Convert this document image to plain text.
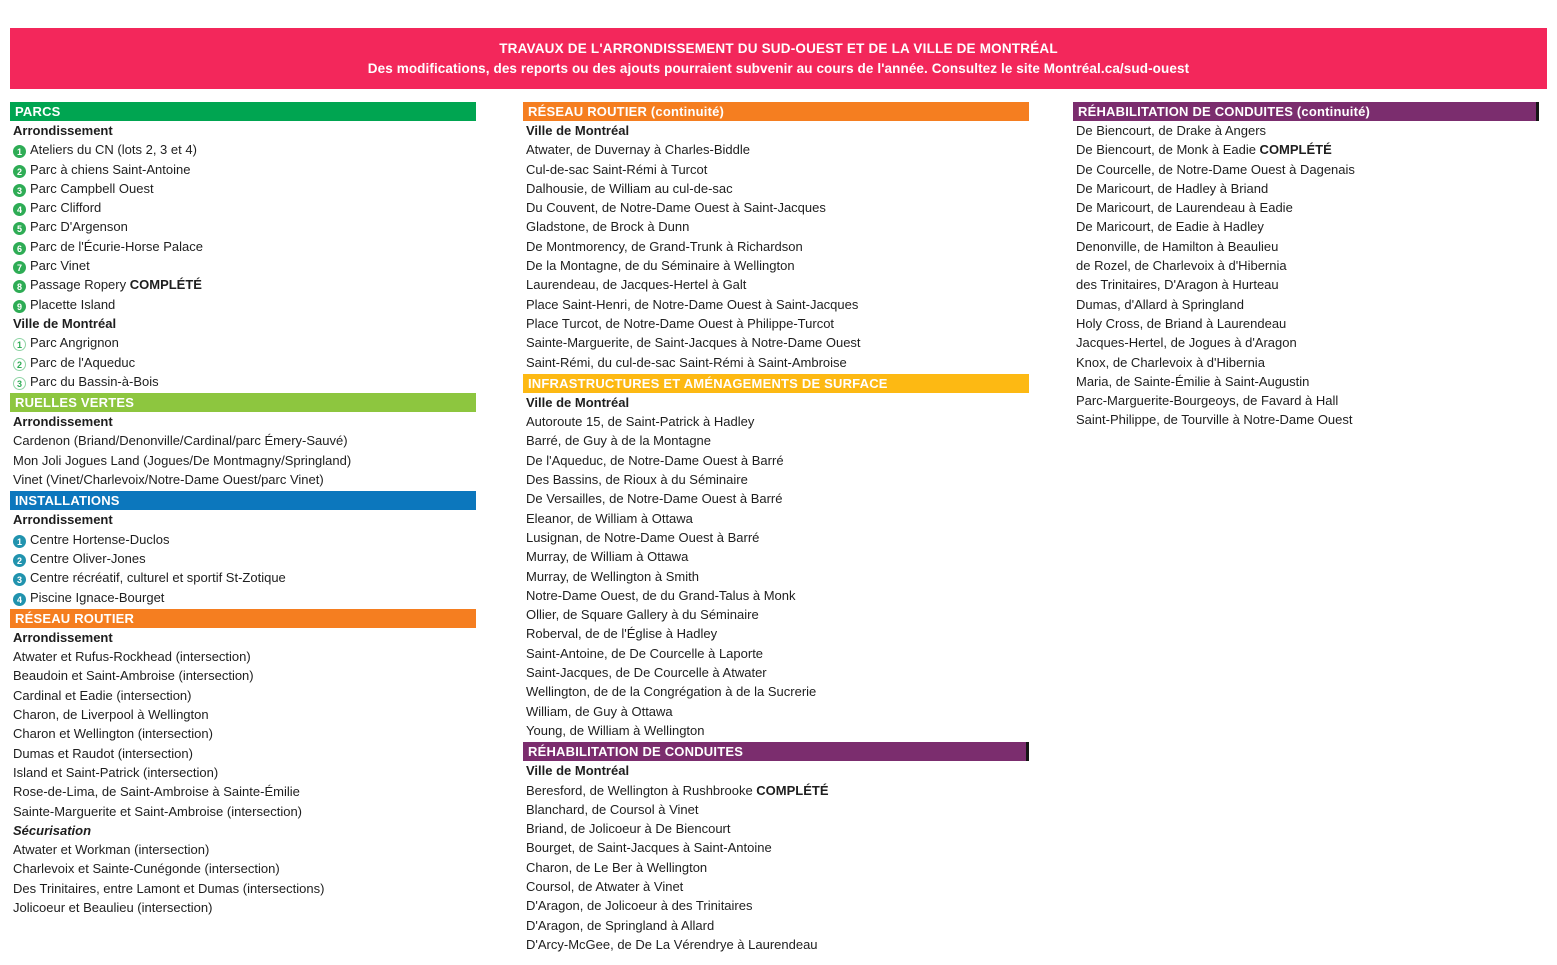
TRAVAUX DE L'ARRONDISSEMENT DU SUD-OUEST ET DE LA VILLE DE MONTRÉAL
Des modifications, des reports ou des ajouts pourraient subvenir au cours de l'année. Consultez le site Montréal.ca/sud-ouest
PARCS
Arrondissement
1 Ateliers du CN (lots 2, 3 et 4)
2 Parc à chiens Saint-Antoine
3 Parc Campbell Ouest
4 Parc Clifford
5 Parc D'Argenson
6 Parc de l'Écurie-Horse Palace
7 Parc Vinet
8 Passage Ropery COMPLÉTÉ
9 Placette Island
Ville de Montréal
1 Parc Angrignon
2 Parc de l'Aqueduc
3 Parc du Bassin-à-Bois
RUELLES VERTES
Arrondissement
Cardenon (Briand/Denonville/Cardinal/parc Émery-Sauvé)
Mon Joli Jogues Land (Jogues/De Montmagny/Springland)
Vinet (Vinet/Charlevoix/Notre-Dame Ouest/parc Vinet)
INSTALLATIONS
Arrondissement
1 Centre Hortense-Duclos
2 Centre Oliver-Jones
3 Centre récréatif, culturel et sportif St-Zotique
4 Piscine Ignace-Bourget
RÉSEAU ROUTIER
Arrondissement
Atwater et Rufus-Rockhead (intersection)
Beaudoin et Saint-Ambroise (intersection)
Cardinal et Eadie (intersection)
Charon, de Liverpool à Wellington
Charon et Wellington (intersection)
Dumas et Raudot (intersection)
Island et Saint-Patrick (intersection)
Rose-de-Lima, de Saint-Ambroise à Sainte-Émilie
Sainte-Marguerite et Saint-Ambroise (intersection)
Sécurisation
Atwater et Workman (intersection)
Charlevoix et Sainte-Cunégonde (intersection)
Des Trinitaires, entre Lamont et Dumas (intersections)
Jolicoeur et Beaulieu (intersection)
RÉSEAU ROUTIER (continuité)
Ville de Montréal
Atwater, de Duvernay à Charles-Biddle
Cul-de-sac Saint-Rémi à Turcot
Dalhousie, de William au cul-de-sac
Du Couvent, de Notre-Dame Ouest à Saint-Jacques
Gladstone, de Brock à Dunn
De Montmorency, de Grand-Trunk à Richardson
De la Montagne, de du Séminaire à Wellington
Laurendeau, de Jacques-Hertel à Galt
Place Saint-Henri, de Notre-Dame Ouest à Saint-Jacques
Place Turcot, de Notre-Dame Ouest à Philippe-Turcot
Sainte-Marguerite, de Saint-Jacques à Notre-Dame Ouest
Saint-Rémi, du cul-de-sac Saint-Rémi à Saint-Ambroise
INFRASTRUCTURES ET AMÉNAGEMENTS DE SURFACE
Ville de Montréal
Autoroute 15, de Saint-Patrick à Hadley
Barré, de Guy à de la Montagne
De l'Aqueduc, de Notre-Dame Ouest à Barré
Des Bassins, de Rioux à du Séminaire
De Versailles, de Notre-Dame Ouest à Barré
Eleanor, de William à Ottawa
Lusignan, de Notre-Dame Ouest à Barré
Murray, de William à Ottawa
Murray, de Wellington à Smith
Notre-Dame Ouest, de du Grand-Talus à Monk
Ollier, de Square Gallery à du Séminaire
Roberval, de de l'Église à Hadley
Saint-Antoine, de De Courcelle à Laporte
Saint-Jacques, de De Courcelle à Atwater
Wellington, de de la Congrégation à de la Sucrerie
William, de Guy à Ottawa
Young, de William à Wellington
RÉHABILITATION DE CONDUITES
Ville de Montréal
Beresford, de Wellington à Rushbrooke COMPLÉTÉ
Blanchard, de Coursol à Vinet
Briand, de Jolicoeur à De Biencourt
Bourget, de Saint-Jacques à Saint-Antoine
Charon, de Le Ber à Wellington
Coursol, de Atwater à Vinet
D'Aragon, de Jolicoeur à des Trinitaires
D'Aragon, de Springland à Allard
D'Arcy-McGee, de De La Vérendrye à Laurendeau
RÉHABILITATION DE CONDUITES (continuité)
De Biencourt, de Drake à Angers
De Biencourt, de Monk à Eadie COMPLÉTÉ
De Courcelle, de Notre-Dame Ouest à Dagenais
De Maricourt, de Hadley à Briand
De Maricourt, de Laurendeau à Eadie
De Maricourt, de Eadie à Hadley
Denonville, de Hamilton à Beaulieu
de Rozel, de Charlevoix à d'Hibernia
des Trinitaires, D'Aragon à Hurteau
Dumas, d'Allard à Springland
Holy Cross, de Briand à Laurendeau
Jacques-Hertel, de Jogues à d'Aragon
Knox, de Charlevoix à d'Hibernia
Maria, de Sainte-Émilie à Saint-Augustin
Parc-Marguerite-Bourgeoys, de Favard à Hall
Saint-Philippe, de Tourville à Notre-Dame Ouest
